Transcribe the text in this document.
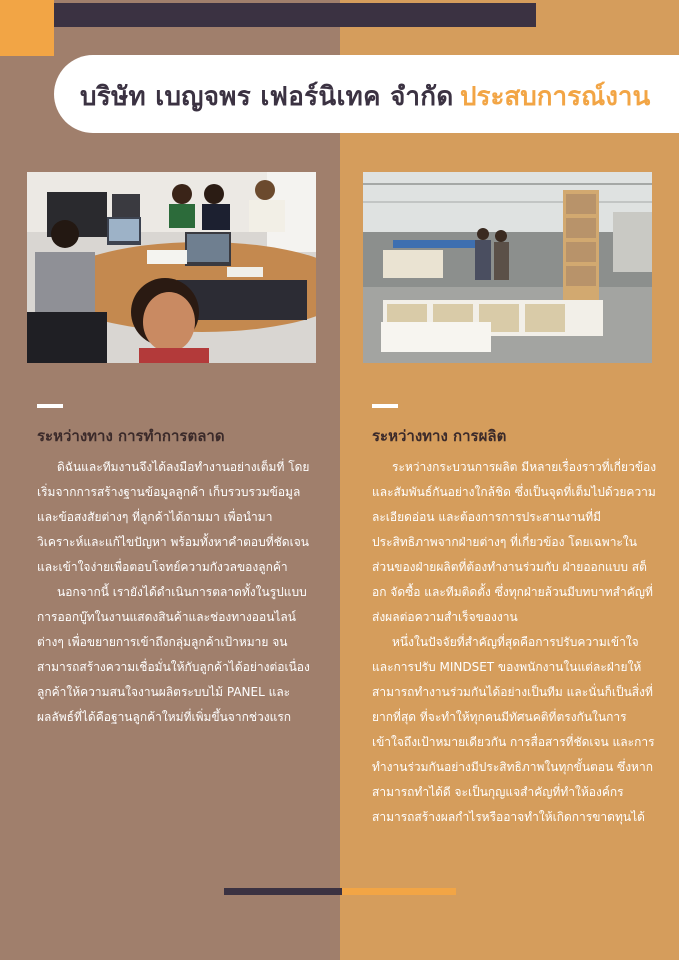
บริษัท เบญจพร เฟอร์นิเทค จำกัด ประสบการณ์งาน
ระหว่างทาง การทำการตลาด	ระหว่างทาง การผลิต

ดิฉันและทีมงานจึงได้ลงมือทำงานอย่างเต็มที่ โดยเริ่มจากการสร้างฐานข้อมูลลูกค้า เก็บรวบรวมข้อมูลและข้อสงสัยต่างๆ ที่ลูกค้าได้ถามมา เพื่อนำมาวิเคราะห์และแก้ไขปัญหา พร้อมทั้งหาคำตอบที่ชัดเจนและเข้าใจง่ายเพื่อตอบโจทย์ความกังวลของลูกค้า

นอกจากนี้ เรายังได้ดำเนินการตลาดทั้งในรูปแบบการออกบู๊ทในงานแสดงสินค้าและช่องทางออนไลน์ต่างๆ เพื่อขยายการเข้าถึงกลุ่มลูกค้าเป้าหมาย จนสามารถสร้างความเชื่อมั่นให้กับลูกค้าได้อย่างต่อเนื่อง ลูกค้าให้ความสนใจงานผลิตระบบไม้ PANEL และผลลัพธ์ที่ได้คือฐานลูกค้าใหม่ที่เพิ่มขึ้นจากช่วงแรก

ระหว่างกระบวนการผลิต มีหลายเรื่องราวที่เกี่ยวข้องและสัมพันธ์กันอย่างใกล้ชิด ซึ่งเป็นจุดที่เต็มไปด้วยความละเอียดอ่อน และต้องการการประสานงานที่มีประสิทธิภาพจากฝ่ายต่างๆ ที่เกี่ยวข้อง โดยเฉพาะในส่วนของฝ่ายผลิตที่ต้องทำงานร่วมกับ ฝ่ายออกแบบ สต็อก จัดซื้อ และทีมติดตั้ง ซึ่งทุกฝ่ายล้วนมีบทบาทสำคัญที่ส่งผลต่อความสำเร็จของงาน

หนึ่งในปัจจัยที่สำคัญที่สุดคือการปรับความเข้าใจและการปรับ MINDSET ของพนักงานในแต่ละฝ่ายให้สามารถทำงานร่วมกันได้อย่างเป็นทีม และนั่นก็เป็นสิ่งที่ยากที่สุด ที่จะทำให้ทุกคนมีทัศนคติที่ตรงกันในการเข้าใจถึงเป้าหมายเดียวกัน การสื่อสารที่ชัดเจน และการทำงานร่วมกันอย่างมีประสิทธิภาพในทุกขั้นตอน ซึ่งหากสามารถทำได้ดี จะเป็นกุญแจสำคัญที่ทำให้องค์กรสามารถสร้างผลกำไรหรืออาจทำให้เกิดการขาดทุนได้
